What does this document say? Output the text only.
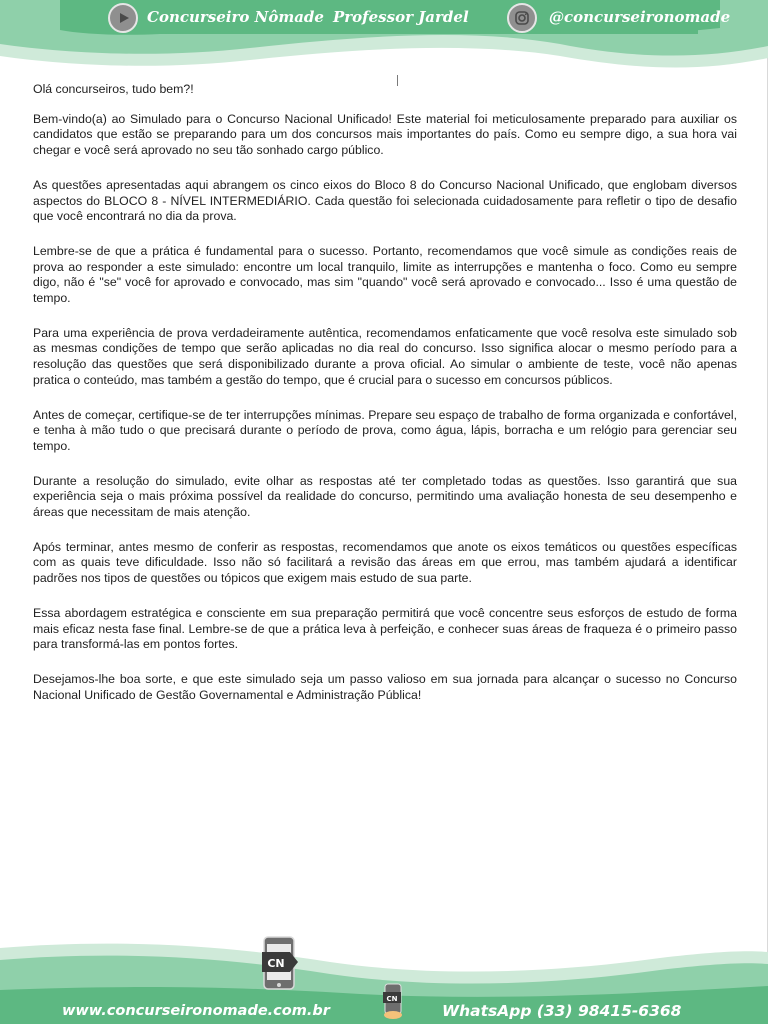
Concurseiro Nômade Professor Jardel	@concurseironomade

Olá concurseiros, tudo bem?!

Bem-vindo(a) ao Simulado para o Concurso Nacional Unificado! Este material foi meticulosamente preparado para auxiliar os candidatos que estão se preparando para um dos concursos mais importantes do país. Como eu sempre digo, a sua hora vai chegar e você será aprovado no seu tão sonhado cargo público.

As questões apresentadas aqui abrangem os cinco eixos do Bloco 8 do Concurso Nacional Unificado, que englobam diversos aspectos do BLOCO 8 - NÍVEL INTERMEDIÁRIO. Cada questão foi selecionada cuidadosamente para refletir o tipo de desafio que você encontrará no dia da prova.

Lembre-se de que a prática é fundamental para o sucesso. Portanto, recomendamos que você simule as condições reais de prova ao responder a este simulado: encontre um local tranquilo, limite as interrupções e mantenha o foco. Como eu sempre digo, não é "se" você for aprovado e convocado, mas sim "quando" você será aprovado e convocado... Isso é uma questão de tempo.

Para uma experiência de prova verdadeiramente autêntica, recomendamos enfaticamente que você resolva este simulado sob as mesmas condições de tempo que serão aplicadas no dia real do concurso. Isso significa alocar o mesmo período para a resolução das questões que será disponibilizado durante a prova oficial. Ao simular o ambiente de teste, você não apenas pratica o conteúdo, mas também a gestão do tempo, que é crucial para o sucesso em concursos públicos.

Antes de começar, certifique-se de ter interrupções mínimas. Prepare seu espaço de trabalho de forma organizada e confortável, e tenha à mão tudo o que precisará durante o período de prova, como água, lápis, borracha e um relógio para gerenciar seu tempo.

Durante a resolução do simulado, evite olhar as respostas até ter completado todas as questões. Isso garantirá que sua experiência seja o mais próxima possível da realidade do concurso, permitindo uma avaliação honesta de seu desempenho e áreas que necessitam de mais atenção.

Após terminar, antes mesmo de conferir as respostas, recomendamos que anote os eixos temáticos ou questões específicas com as quais teve dificuldade. Isso não só facilitará a revisão das áreas em que errou, mas também ajudará a identificar padrões nos tipos de questões ou tópicos que exigem mais estudo de sua parte.

Essa abordagem estratégica e consciente em sua preparação permitirá que você concentre seus esforços de estudo de forma mais eficaz nesta fase final. Lembre-se de que a prática leva à perfeição, e conhecer suas áreas de fraqueza é o primeiro passo para transformá-las em pontos fortes.

Desejamos-lhe boa sorte, e que este simulado seja um passo valioso em sua jornada para alcançar o sucesso no Concurso Nacional Unificado de Gestão Governamental e Administração Pública!

CN
CN
www.concurseironomade.com.br	WhatsApp (33) 98415-6368
